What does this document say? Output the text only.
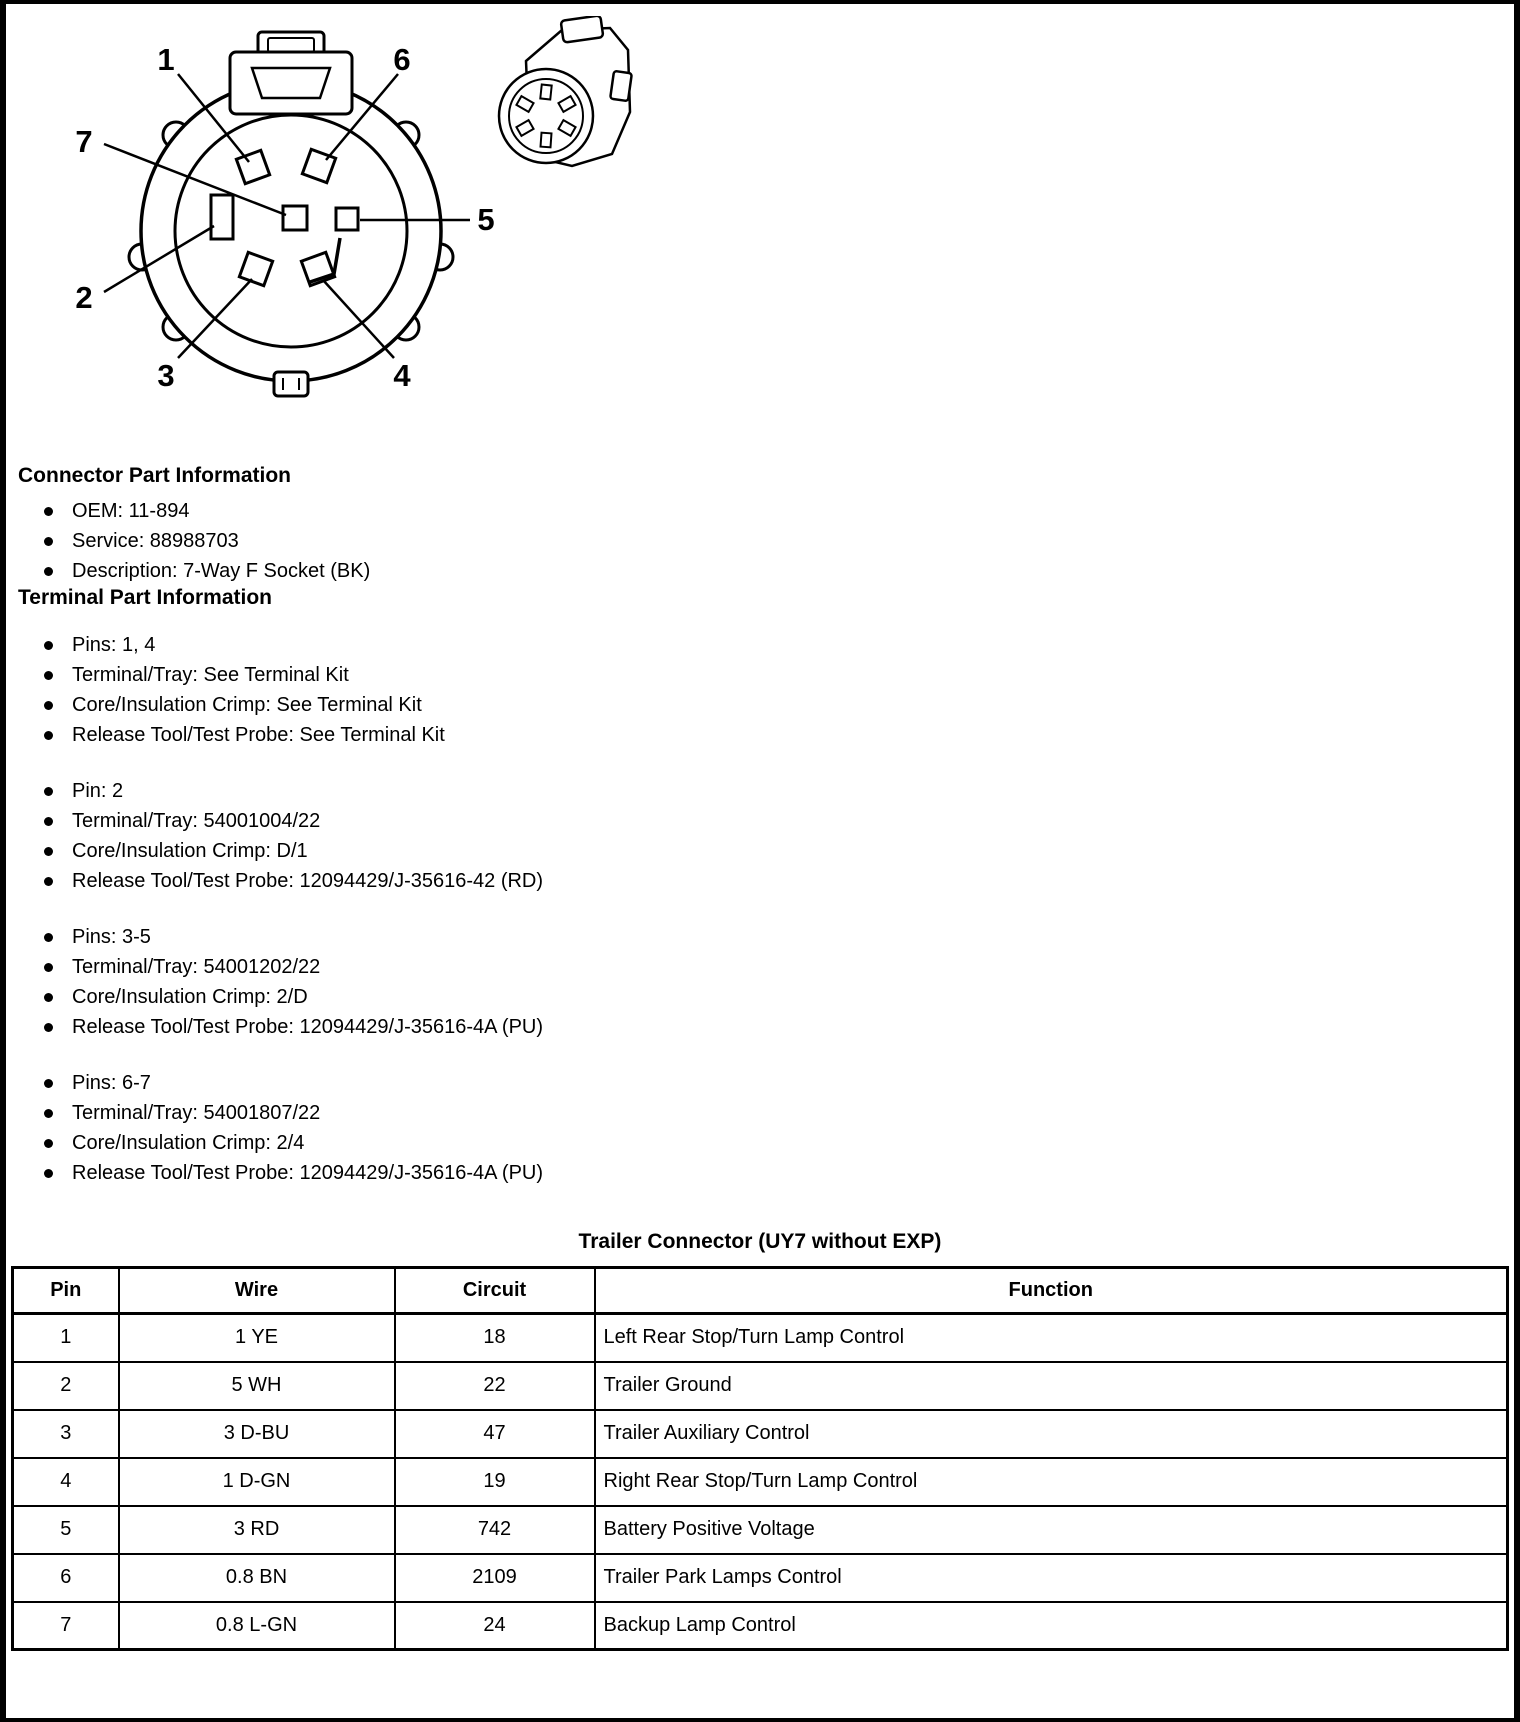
1	6
7
5
2
3	4
Connector Part Information
OEM: 11-894
Service: 88988703
Description: 7-Way F Socket (BK)
Terminal Part Information
Pins: 1, 4
Terminal/Tray: See Terminal Kit
Core/Insulation Crimp: See Terminal Kit
Release Tool/Test Probe: See Terminal Kit
Pin: 2
Terminal/Tray: 54001004/22
Core/Insulation Crimp: D/1
Release Tool/Test Probe: 12094429/J-35616-42 (RD)
Pins: 3-5
Terminal/Tray: 54001202/22
Core/Insulation Crimp: 2/D
Release Tool/Test Probe: 12094429/J-35616-4A (PU)
Pins: 6-7
Terminal/Tray: 54001807/22
Core/Insulation Crimp: 2/4
Release Tool/Test Probe: 12094429/J-35616-4A (PU)
Trailer Connector (UY7 without EXP)
Pin	Wire	Circuit	Function
1	1 YE	18	Left Rear Stop/Turn Lamp Control
2	5 WH	22	Trailer Ground
3	3 D-BU	47	Trailer Auxiliary Control
4	1 D-GN	19	Right Rear Stop/Turn Lamp Control
5	3 RD	742	Battery Positive Voltage
6	0.8 BN	2109	Trailer Park Lamps Control
7	0.8 L-GN	24	Backup Lamp Control
